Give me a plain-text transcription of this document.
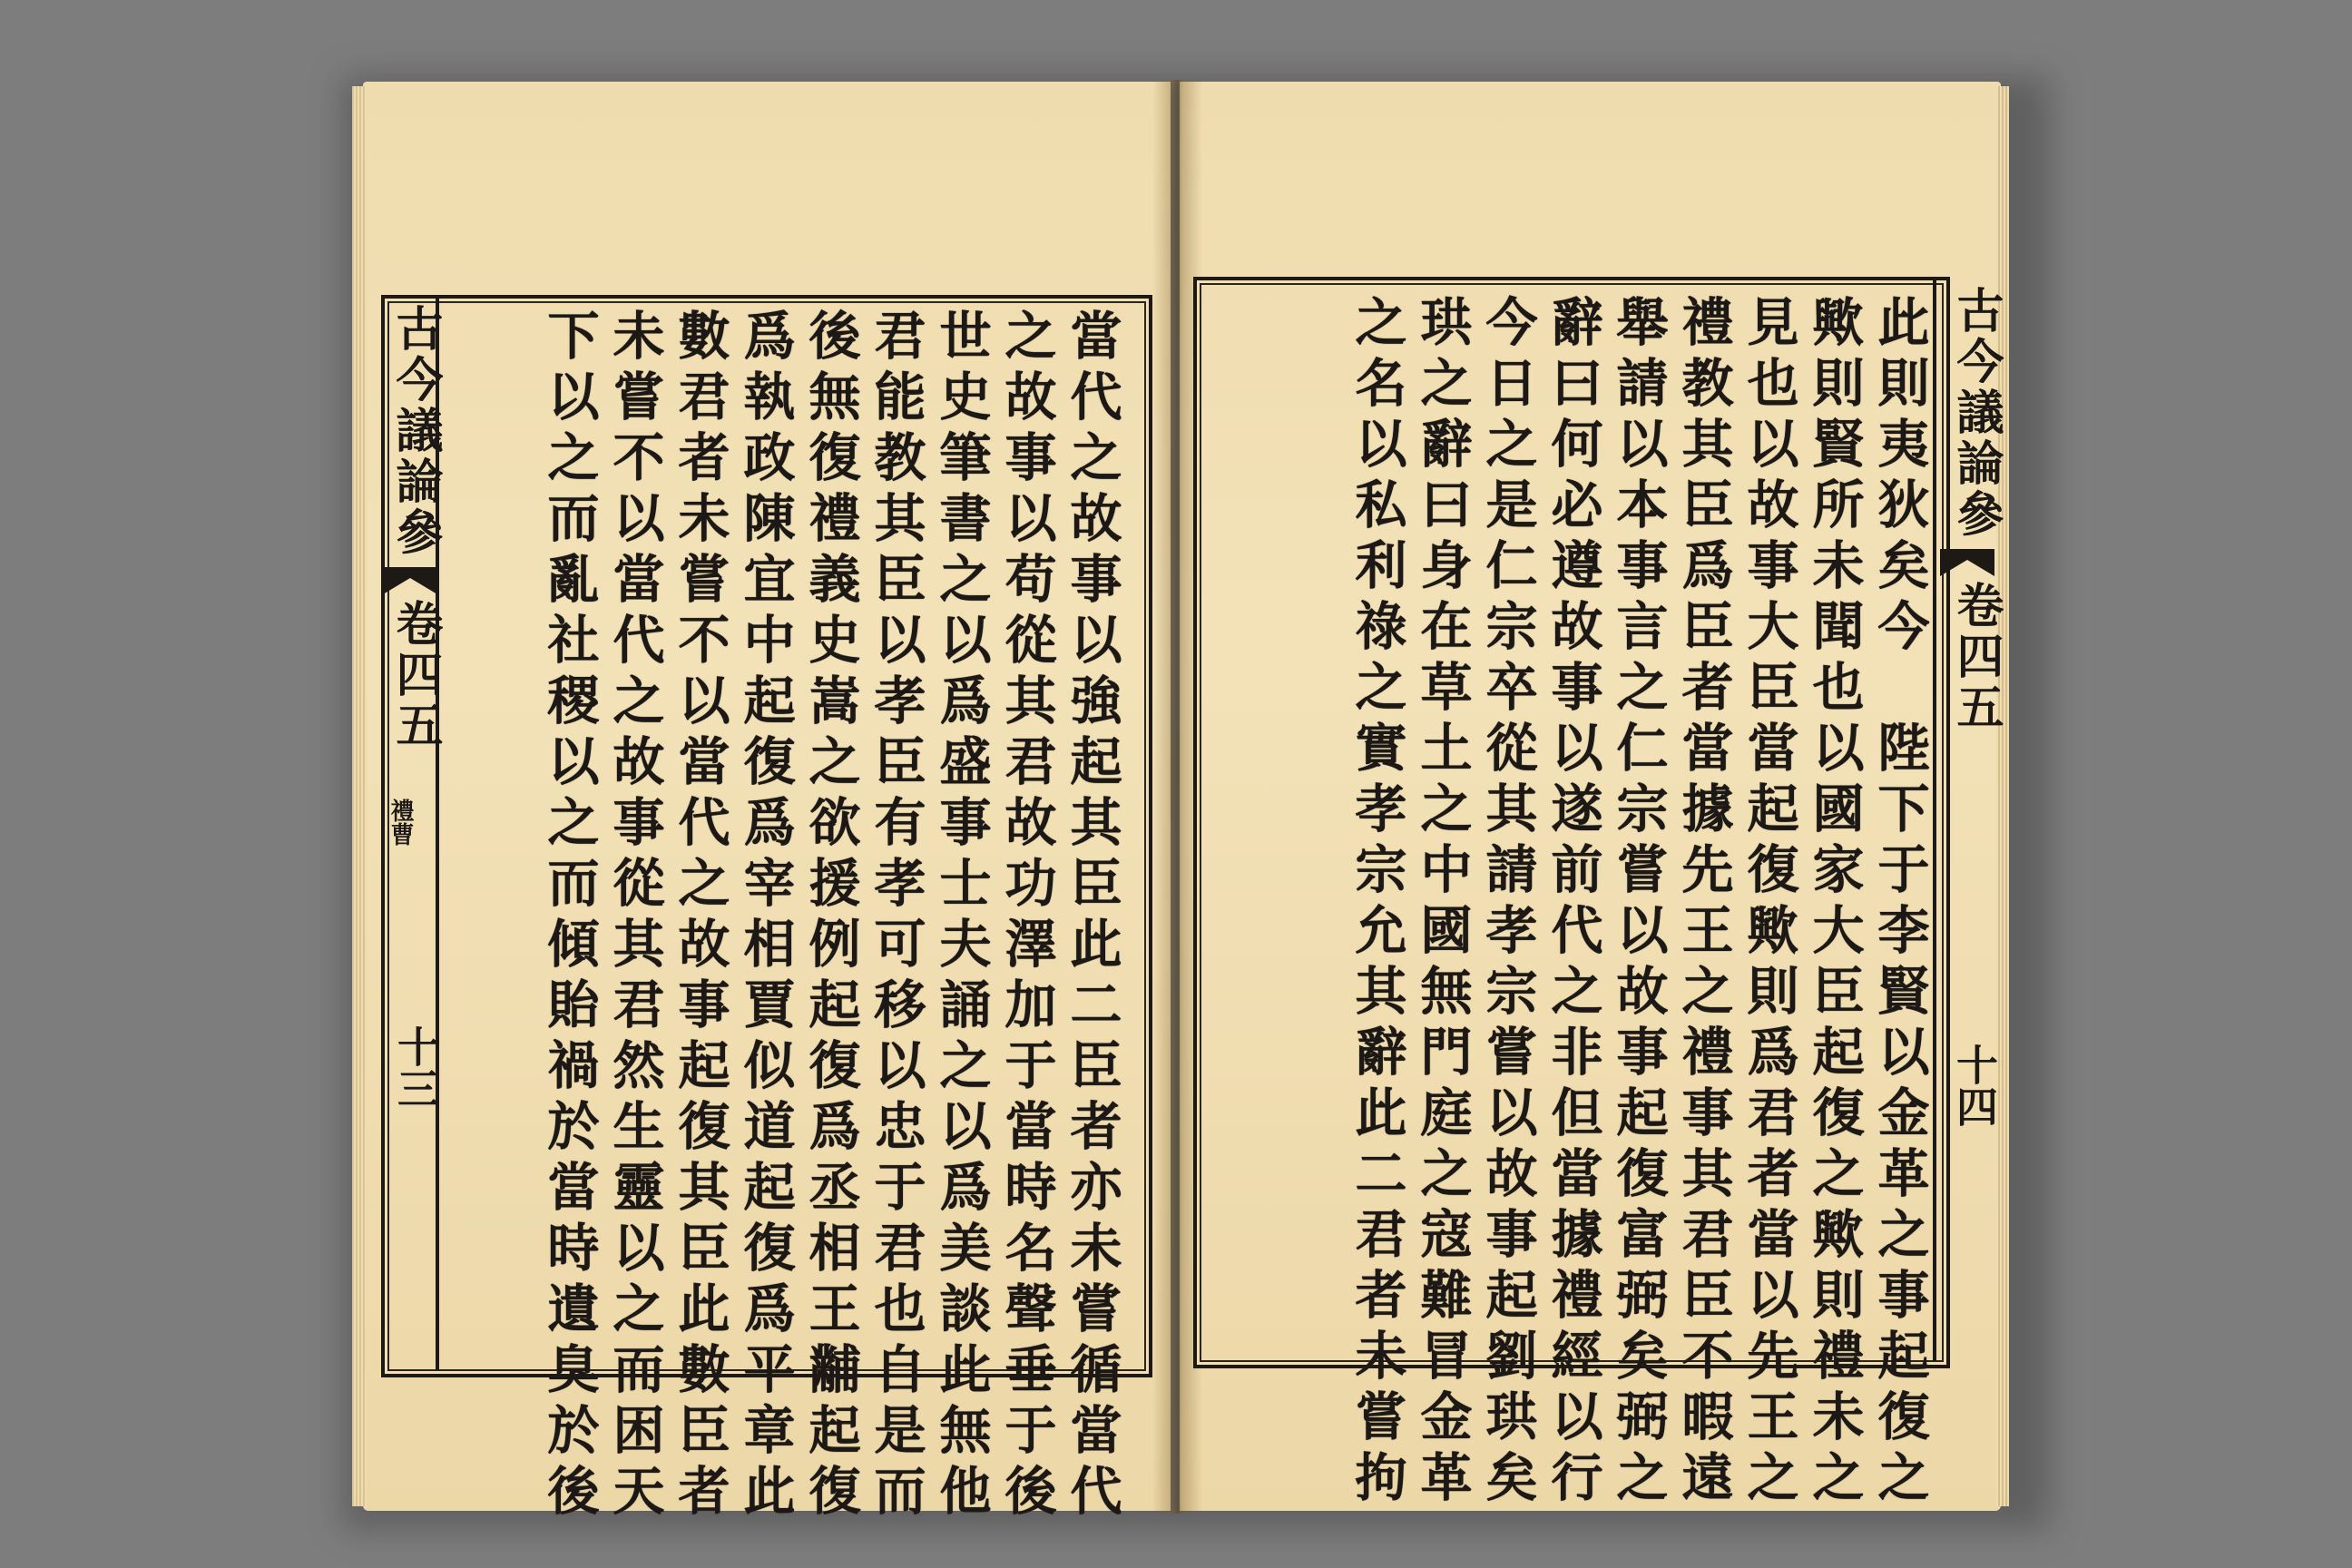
古今議論參
卷四五
禮曹
十三	當代之故事以強起其臣此二臣者亦未嘗循當代
之故事以苟從其君故功澤加于當時名聲垂于後
世史筆書之以爲盛事士夫誦之以爲美談此無他
君能教其臣以孝臣有孝可移以忠于君也自是而
後無復禮義史嵩之欲援例起復爲丞相王黼起復
爲執政陳宜中起復爲宰相賈似道起復爲平章此
數君者未嘗不以當代之故事起復其臣此數臣者
未嘗不以當代之故事從其君然生靈以之而困天
下以之而亂社稷以之而傾貽禍於當時遺臭於後	古今議論參
卷四五
十四
此則夷狄矣今　陛下于李賢以金革之事起復之
歟則賢所未聞也以國家大臣起復之歟則禮未之
見也以故事大臣當起復歟則爲君者當以先王之
禮教其臣爲臣者當據先王之禮事其君臣不暇遠
舉請以本事言之仁宗嘗以故事起復富弼矣弼之
辭曰何必遵故事以遂前代之非但當據禮經以行
今日之是仁宗卒從其請孝宗嘗以故事起劉珙矣
珙之辭曰身在草土之中國無門庭之寇難冒金革
之名以私利祿之實孝宗允其辭此二君者未嘗拘
